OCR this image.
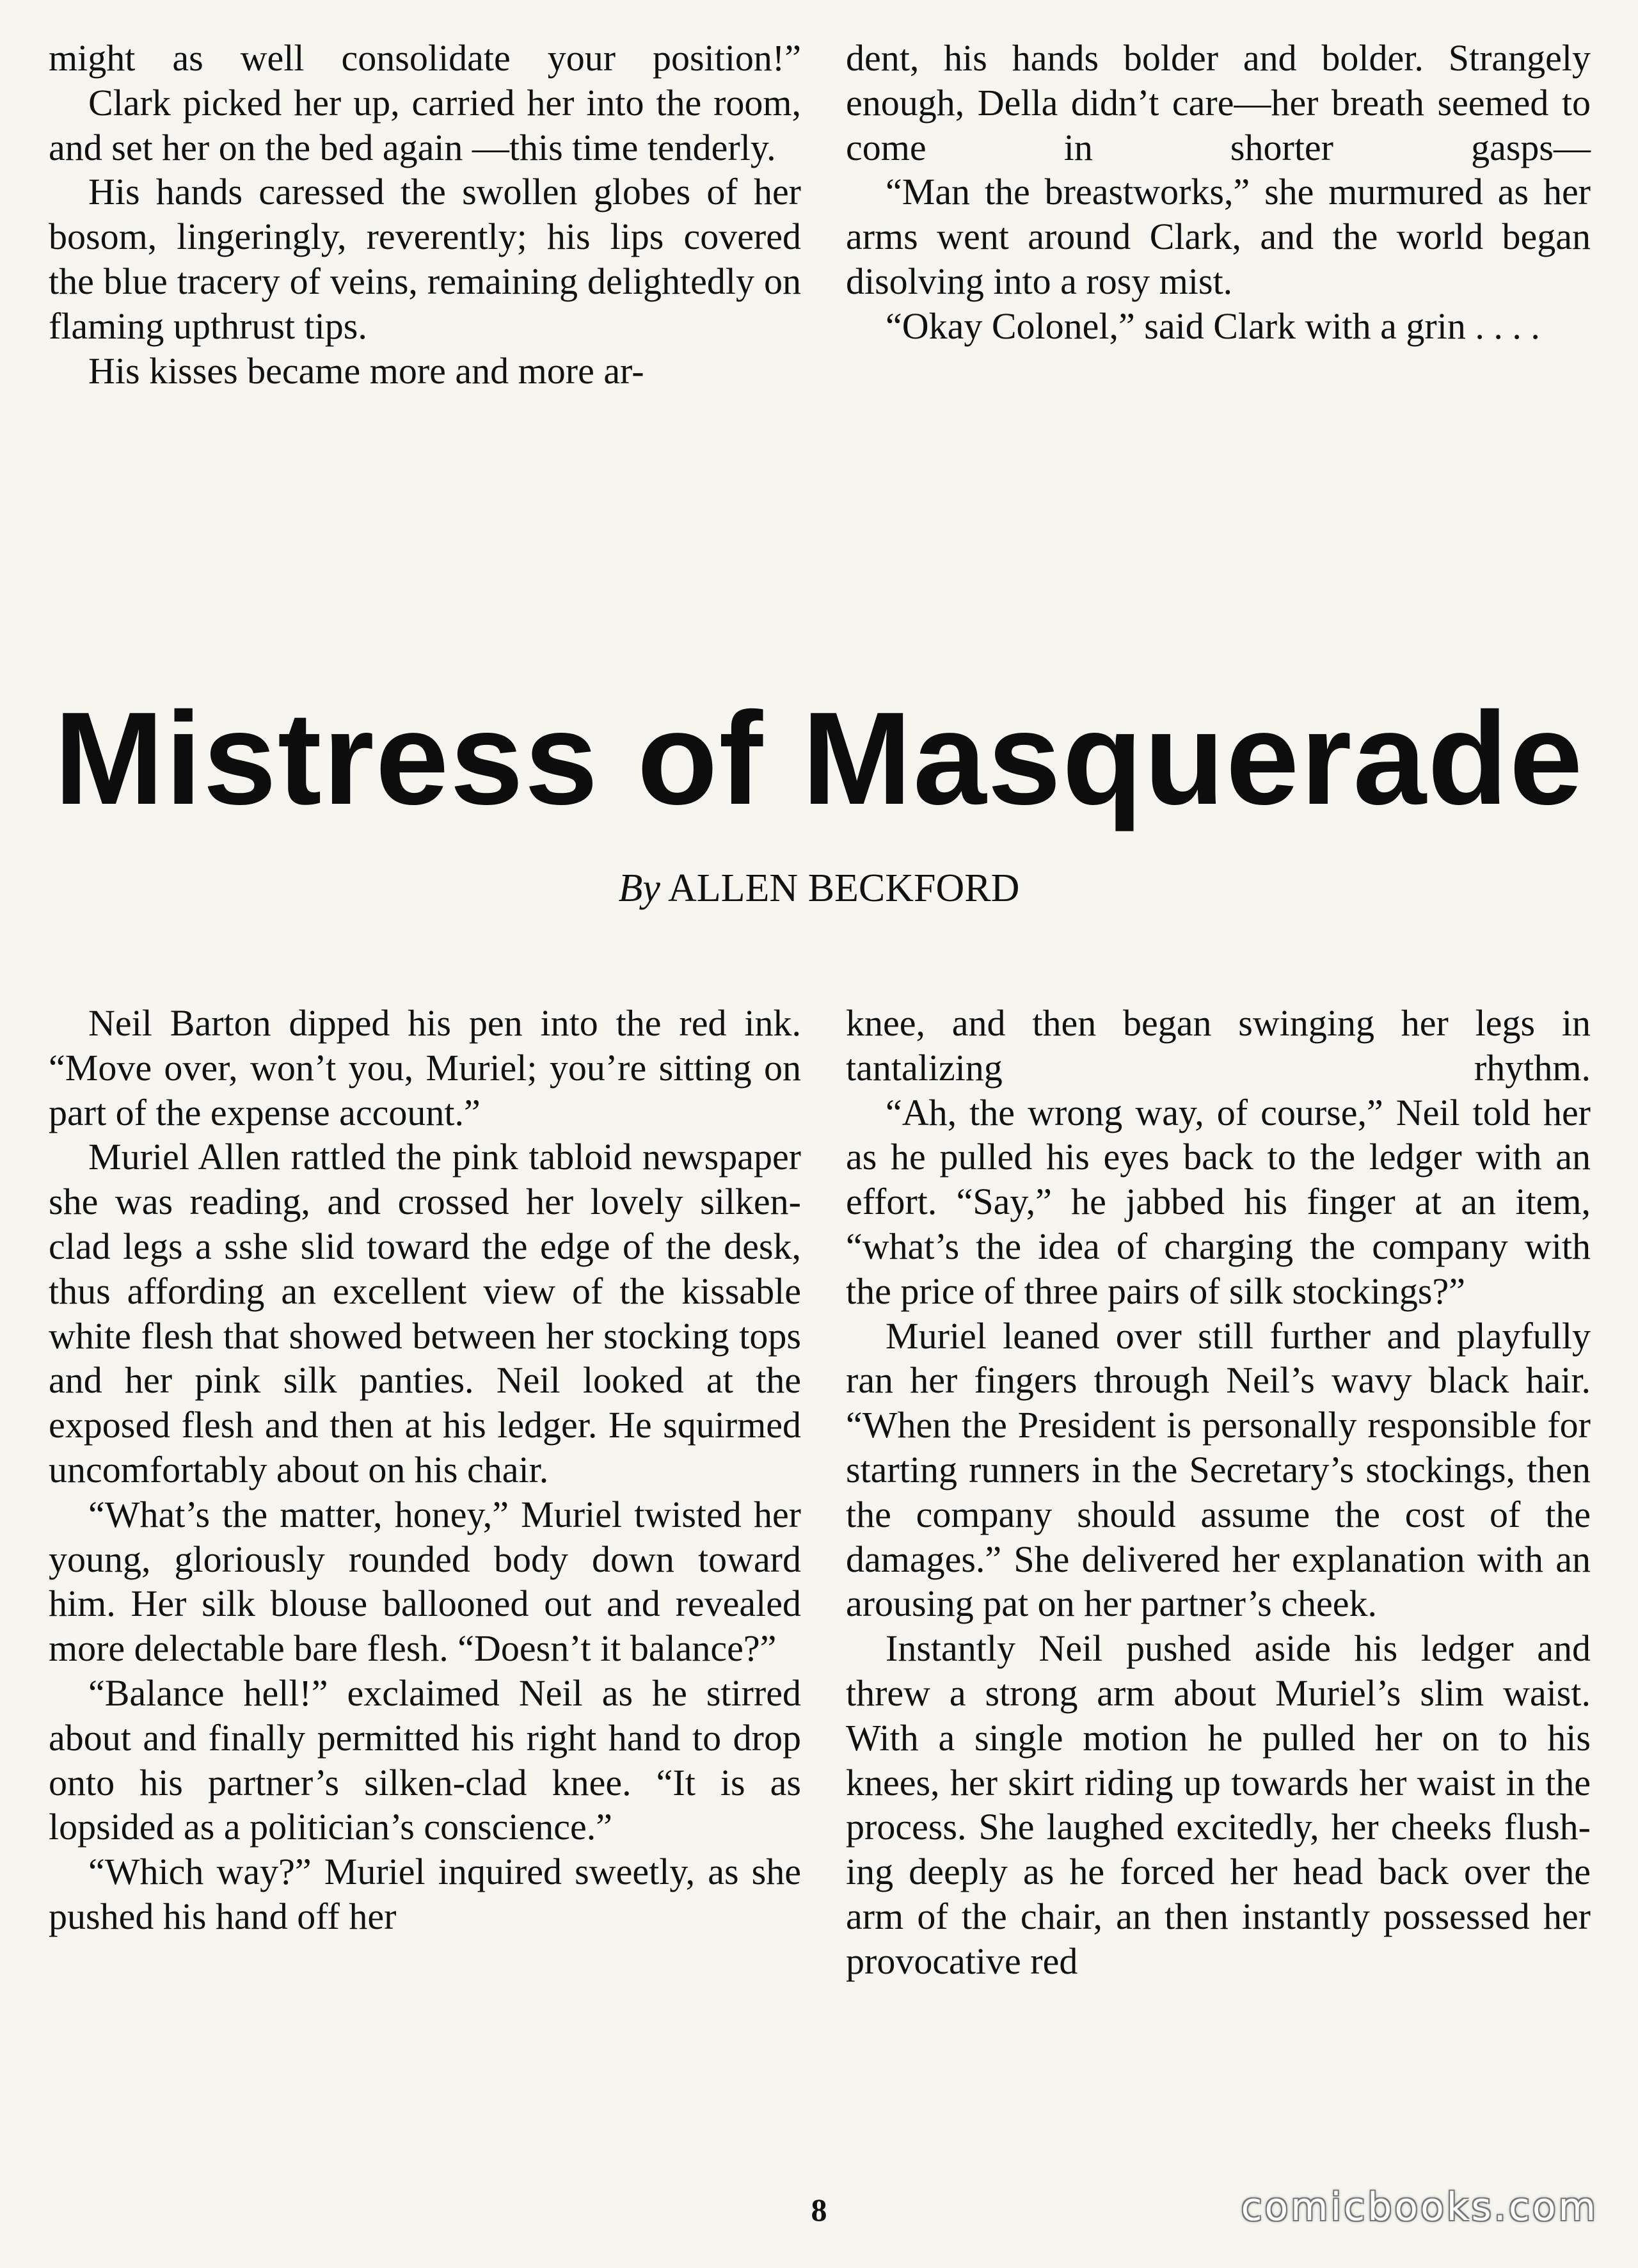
might as well consolidate your position!”

Clark picked her up, carried her into the room, and set her on the bed again —this time tenderly.

His hands caressed the swollen globes of her bosom, lingeringly, reverently; his lips covered the blue tracery of veins, remaining delightedly on flaming upthrust tips.

His kisses became more and more ar-

dent, his hands bolder and bolder. Strangely enough, Della didn’t care—her breath seemed to come in shorter gasps—

“Man the breastworks,” she murmured as her arms went around Clark, and the world began disolving into a rosy mist.

“Okay Colonel,” said Clark with a grin . . . .

Mistress of Masquerade
By ALLEN BECKFORD

Neil Barton dipped his pen into the red ink. “Move over, won’t you, Muriel; you’re sitting on part of the expense account.”

Muriel Allen rattled the pink tabloid newspaper she was reading, and crossed her lovely silken-clad legs a sshe slid toward the edge of the desk, thus affording an excellent view of the kissable white flesh that showed between her stocking tops and her pink silk panties. Neil looked at the exposed flesh and then at his ledger. He squirmed uncomfortably about on his chair.

“What’s the matter, honey,” Muriel twisted her young, gloriously rounded body down toward him. Her silk blouse ballooned out and revealed more delectable bare flesh. “Doesn’t it balance?”

“Balance hell!” exclaimed Neil as he stirred about and finally permitted his right hand to drop onto his partner’s silken-clad knee. “It is as lopsided as a politician’s conscience.”

“Which way?” Muriel inquired sweetly, as she pushed his hand off her

knee, and then began swinging her legs in tantalizing rhythm.

“Ah, the wrong way, of course,” Neil told her as he pulled his eyes back to the ledger with an effort. “Say,” he jabbed his finger at an item, “what’s the idea of charging the company with the price of three pairs of silk stockings?”

Muriel leaned over still further and playfully ran her fingers through Neil’s wavy black hair. “When the President is personally responsible for starting runners in the Secretary’s stockings, then the company should assume the cost of the damages.” She delivered her explanation with an arousing pat on her partner’s cheek.

Instantly Neil pushed aside his ledger and threw a strong arm about Muriel’s slim waist. With a single motion he pulled her on to his knees, her skirt riding up towards her waist in the process. She laughed excitedly, her cheeks flushing deeply as he forced her head back over the arm of the chair, an then instantly possessed her provocative red

8	comicbooks.com
